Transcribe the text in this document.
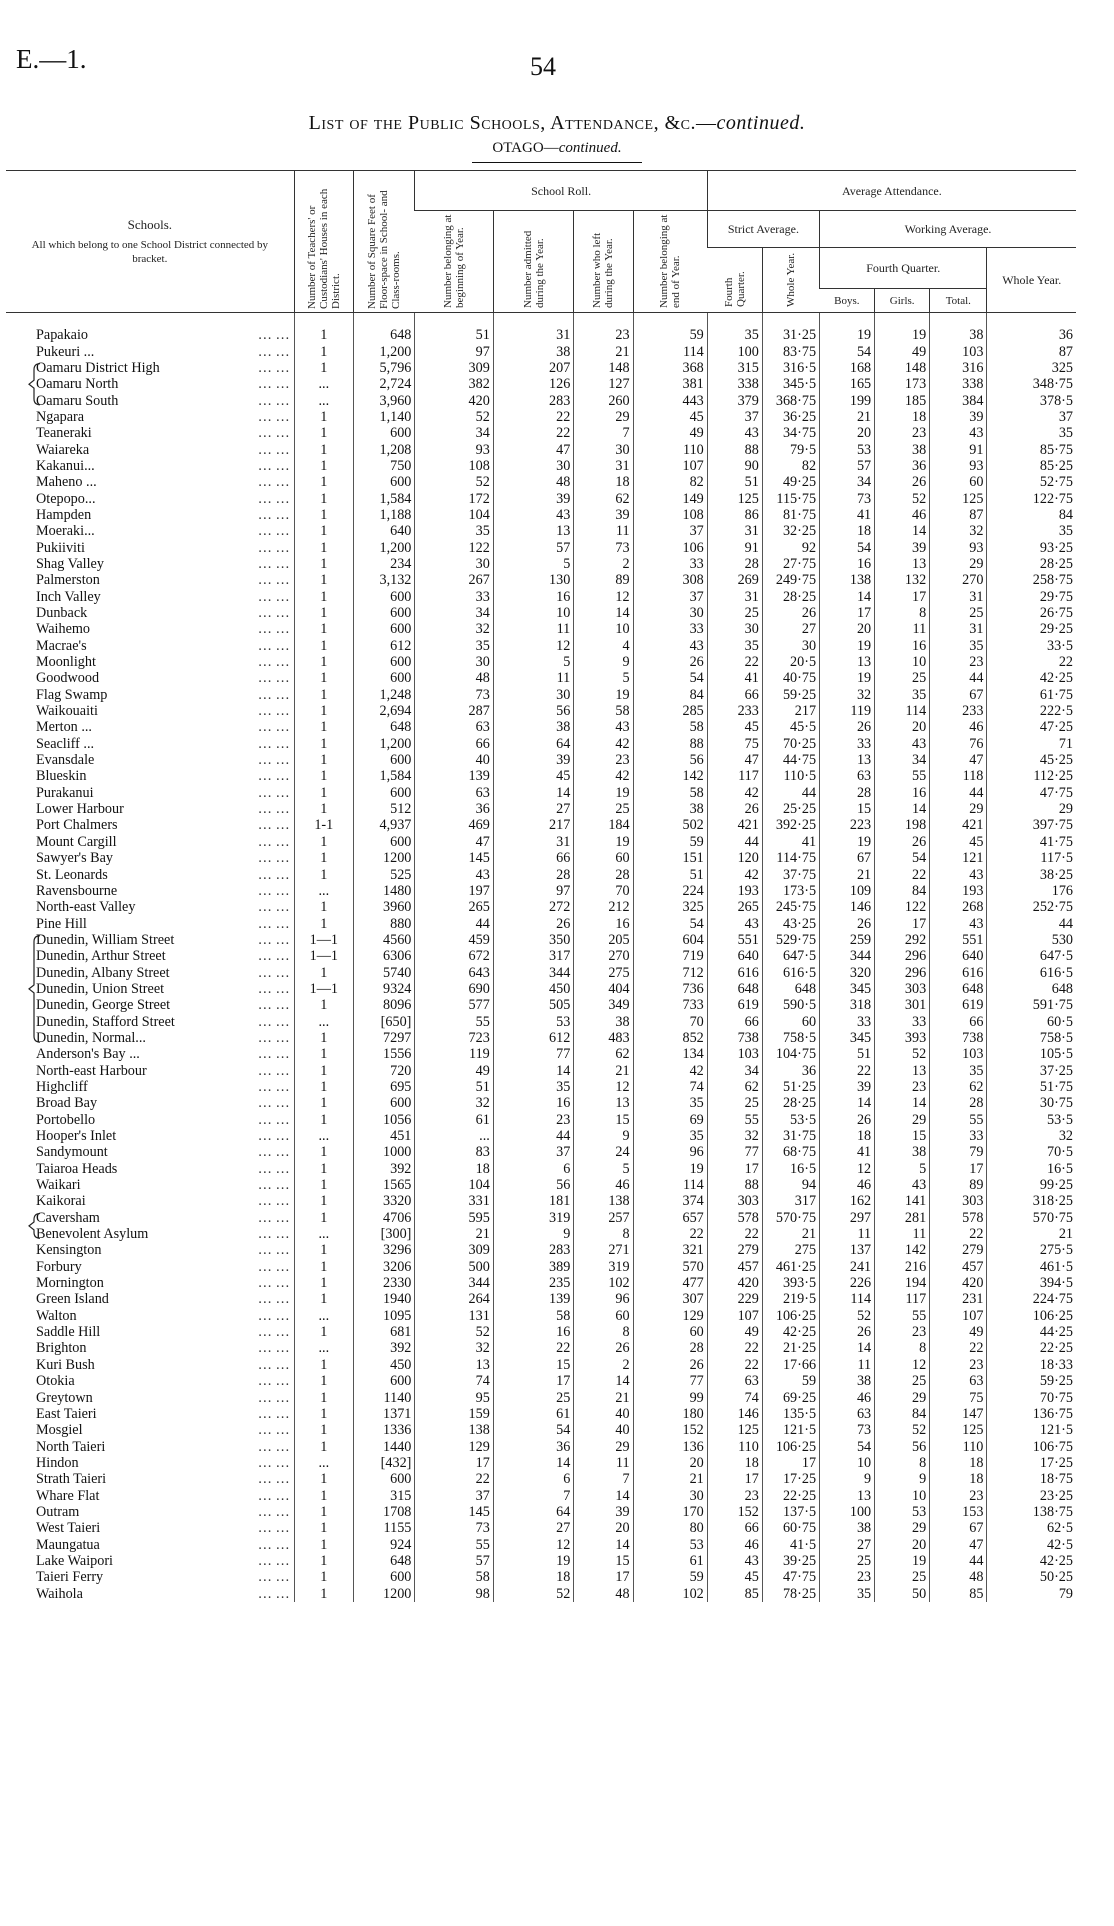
E.—1.	54
List of the Public Schools, Attendance, &c.—continued.
OTAGO—continued.
Schools.
All which belong to one School District connected by bracket.	Number of Teachers' or Custodians' Houses in each District.	Number of Square Feet of Floor-space in School- and Class-rooms.	School Roll.				Average Attendance.					
			Number belonging at beginning of Year.	Number admitted during the Year.	Number who left during the Year.	Number belonging at end of Year.	Strict Average.		Working Average.			
							Fourth Quarter.	Whole Year.	Fourth Quarter.			Whole Year.
									Boys.	Girls.	Total.	
Papakaio … …	1	648	51	31	23	59	35	31·25	19	19	38	36
Pukeuri ... … …	1	1,200	97	38	21	114	100	83·75	54	49	103	87
Oamaru District High … …	1	5,796	309	207	148	368	315	316·5	168	148	316	325
Oamaru North … …	...	2,724	382	126	127	381	338	345·5	165	173	338	348·75
Oamaru South … …	...	3,960	420	283	260	443	379	368·75	199	185	384	378·5
Ngapara … …	1	1,140	52	22	29	45	37	36·25	21	18	39	37
Teaneraki … …	1	600	34	22	7	49	43	34·75	20	23	43	35
Waiareka … …	1	1,208	93	47	30	110	88	79·5	53	38	91	85·75
Kakanui... … …	1	750	108	30	31	107	90	82	57	36	93	85·25
Maheno ... … …	1	600	52	48	18	82	51	49·25	34	26	60	52·75
Otepopo... … …	1	1,584	172	39	62	149	125	115·75	73	52	125	122·75
Hampden … …	1	1,188	104	43	39	108	86	81·75	41	46	87	84
Moeraki... … …	1	640	35	13	11	37	31	32·25	18	14	32	35
Pukiiviti … …	1	1,200	122	57	73	106	91	92	54	39	93	93·25
Shag Valley … …	1	234	30	5	2	33	28	27·75	16	13	29	28·25
Palmerston … …	1	3,132	267	130	89	308	269	249·75	138	132	270	258·75
Inch Valley … …	1	600	33	16	12	37	31	28·25	14	17	31	29·75
Dunback … …	1	600	34	10	14	30	25	26	17	8	25	26·75
Waihemo … …	1	600	32	11	10	33	30	27	20	11	31	29·25
Macrae's … …	1	612	35	12	4	43	35	30	19	16	35	33·5
Moonlight … …	1	600	30	5	9	26	22	20·5	13	10	23	22
Goodwood … …	1	600	48	11	5	54	41	40·75	19	25	44	42·25
Flag Swamp … …	1	1,248	73	30	19	84	66	59·25	32	35	67	61·75
Waikouaiti … …	1	2,694	287	56	58	285	233	217	119	114	233	222·5
Merton ... … …	1	648	63	38	43	58	45	45·5	26	20	46	47·25
Seacliff ... … …	1	1,200	66	64	42	88	75	70·25	33	43	76	71
Evansdale … …	1	600	40	39	23	56	47	44·75	13	34	47	45·25
Blueskin … …	1	1,584	139	45	42	142	117	110·5	63	55	118	112·25
Purakanui … …	1	600	63	14	19	58	42	44	28	16	44	47·75
Lower Harbour … …	1	512	36	27	25	38	26	25·25	15	14	29	29
Port Chalmers … …	1-1	4,937	469	217	184	502	421	392·25	223	198	421	397·75
Mount Cargill … …	1	600	47	31	19	59	44	41	19	26	45	41·75
Sawyer's Bay … …	1	1200	145	66	60	151	120	114·75	67	54	121	117·5
St. Leonards … …	1	525	43	28	28	51	42	37·75	21	22	43	38·25
Ravensbourne … …	...	1480	197	97	70	224	193	173·5	109	84	193	176
North-east Valley … …	1	3960	265	272	212	325	265	245·75	146	122	268	252·75
Pine Hill … …	1	880	44	26	16	54	43	43·25	26	17	43	44
Dunedin, William Street … …	1—1	4560	459	350	205	604	551	529·75	259	292	551	530
Dunedin, Arthur Street … …	1—1	6306	672	317	270	719	640	647·5	344	296	640	647·5
Dunedin, Albany Street … …	1	5740	643	344	275	712	616	616·5	320	296	616	616·5
Dunedin, Union Street … …	1—1	9324	690	450	404	736	648	648	345	303	648	648
Dunedin, George Street … …	1	8096	577	505	349	733	619	590·5	318	301	619	591·75
Dunedin, Stafford Street … …	...	[650]	55	53	38	70	66	60	33	33	66	60·5
Dunedin, Normal... … …	1	7297	723	612	483	852	738	758·5	345	393	738	758·5
Anderson's Bay ... … …	1	1556	119	77	62	134	103	104·75	51	52	103	105·5
North-east Harbour … …	1	720	49	14	21	42	34	36	22	13	35	37·25
Highcliff … …	1	695	51	35	12	74	62	51·25	39	23	62	51·75
Broad Bay … …	1	600	32	16	13	35	25	28·25	14	14	28	30·75
Portobello … …	1	1056	61	23	15	69	55	53·5	26	29	55	53·5
Hooper's Inlet … …	...	451	...	44	9	35	32	31·75	18	15	33	32
Sandymount … …	1	1000	83	37	24	96	77	68·75	41	38	79	70·5
Taiaroa Heads … …	1	392	18	6	5	19	17	16·5	12	5	17	16·5
Waikari … …	1	1565	104	56	46	114	88	94	46	43	89	99·25
Kaikorai … …	1	3320	331	181	138	374	303	317	162	141	303	318·25
Caversham … …	1	4706	595	319	257	657	578	570·75	297	281	578	570·75
Benevolent Asylum … …	...	[300]	21	9	8	22	22	21	11	11	22	21
Kensington … …	1	3296	309	283	271	321	279	275	137	142	279	275·5
Forbury … …	1	3206	500	389	319	570	457	461·25	241	216	457	461·5
Mornington … …	1	2330	344	235	102	477	420	393·5	226	194	420	394·5
Green Island … …	1	1940	264	139	96	307	229	219·5	114	117	231	224·75
Walton … …	...	1095	131	58	60	129	107	106·25	52	55	107	106·25
Saddle Hill … …	1	681	52	16	8	60	49	42·25	26	23	49	44·25
Brighton … …	...	392	32	22	26	28	22	21·25	14	8	22	22·25
Kuri Bush … …	1	450	13	15	2	26	22	17·66	11	12	23	18·33
Otokia … …	1	600	74	17	14	77	63	59	38	25	63	59·25
Greytown … …	1	1140	95	25	21	99	74	69·25	46	29	75	70·75
East Taieri … …	1	1371	159	61	40	180	146	135·5	63	84	147	136·75
Mosgiel … …	1	1336	138	54	40	152	125	121·5	73	52	125	121·5
North Taieri … …	1	1440	129	36	29	136	110	106·25	54	56	110	106·75
Hindon … …	...	[432]	17	14	11	20	18	17	10	8	18	17·25
Strath Taieri … …	1	600	22	6	7	21	17	17·25	9	9	18	18·75
Whare Flat … …	1	315	37	7	14	30	23	22·25	13	10	23	23·25
Outram … …	1	1708	145	64	39	170	152	137·5	100	53	153	138·75
West Taieri … …	1	1155	73	27	20	80	66	60·75	38	29	67	62·5
Maungatua … …	1	924	55	12	14	53	46	41·5	27	20	47	42·5
Lake Waipori … …	1	648	57	19	15	61	43	39·25	25	19	44	42·25
Taieri Ferry … …	1	600	58	18	17	59	45	47·75	23	25	48	50·25
Waihola … …	1	1200	98	52	48	102	85	78·25	35	50	85	79
